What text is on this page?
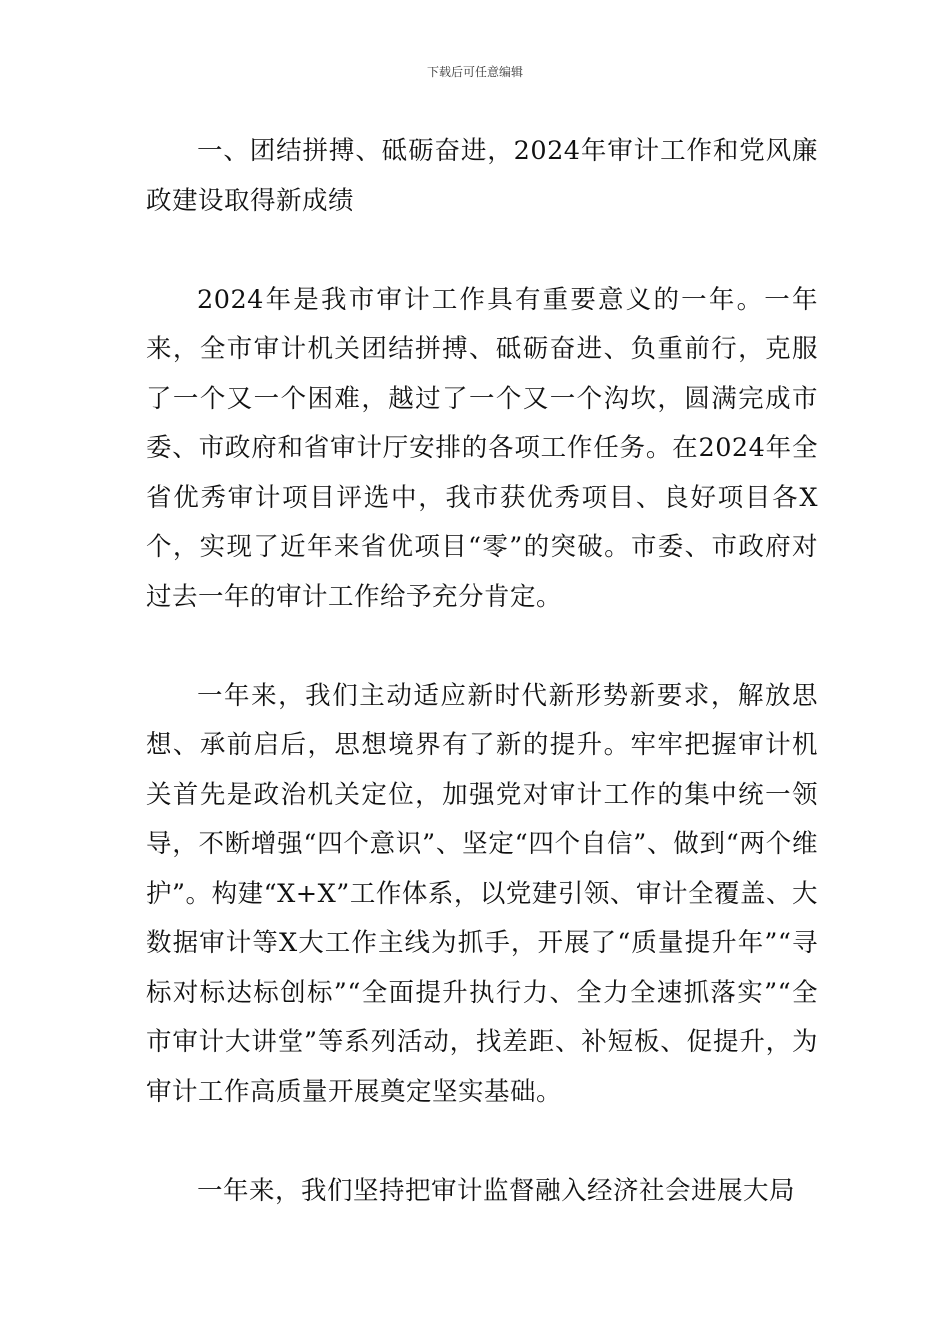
下载后可任意编辑

一、团结拼搏、砥砺奋进，2024年审计工作和党风廉政建设取得新成绩

2024年是我市审计工作具有重要意义的一年。一年来，全市审计机关团结拼搏、砥砺奋进、负重前行，克服了一个又一个困难，越过了一个又一个沟坎，圆满完成市委、市政府和省审计厅安排的各项工作任务。在2024年全省优秀审计项目评选中，我市获优秀项目、良好项目各X个，实现了近年来省优项目“零”的突破。市委、市政府对过去一年的审计工作给予充分肯定。

一年来，我们主动适应新时代新形势新要求，解放思想、承前启后，思想境界有了新的提升。牢牢把握审计机关首先是政治机关定位，加强党对审计工作的集中统一领导，不断增强“四个意识”、坚定“四个自信”、做到“两个维护”。构建“X+X”工作体系，以党建引领、审计全覆盖、大数据审计等X大工作主线为抓手，开展了“质量提升年”“寻标对标达标创标”“全面提升执行力、全力全速抓落实”“全市审计大讲堂”等系列活动，找差距、补短板、促提升，为审计工作高质量开展奠定坚实基础。

一年来，我们坚持把审计监督融入经济社会进展大局
